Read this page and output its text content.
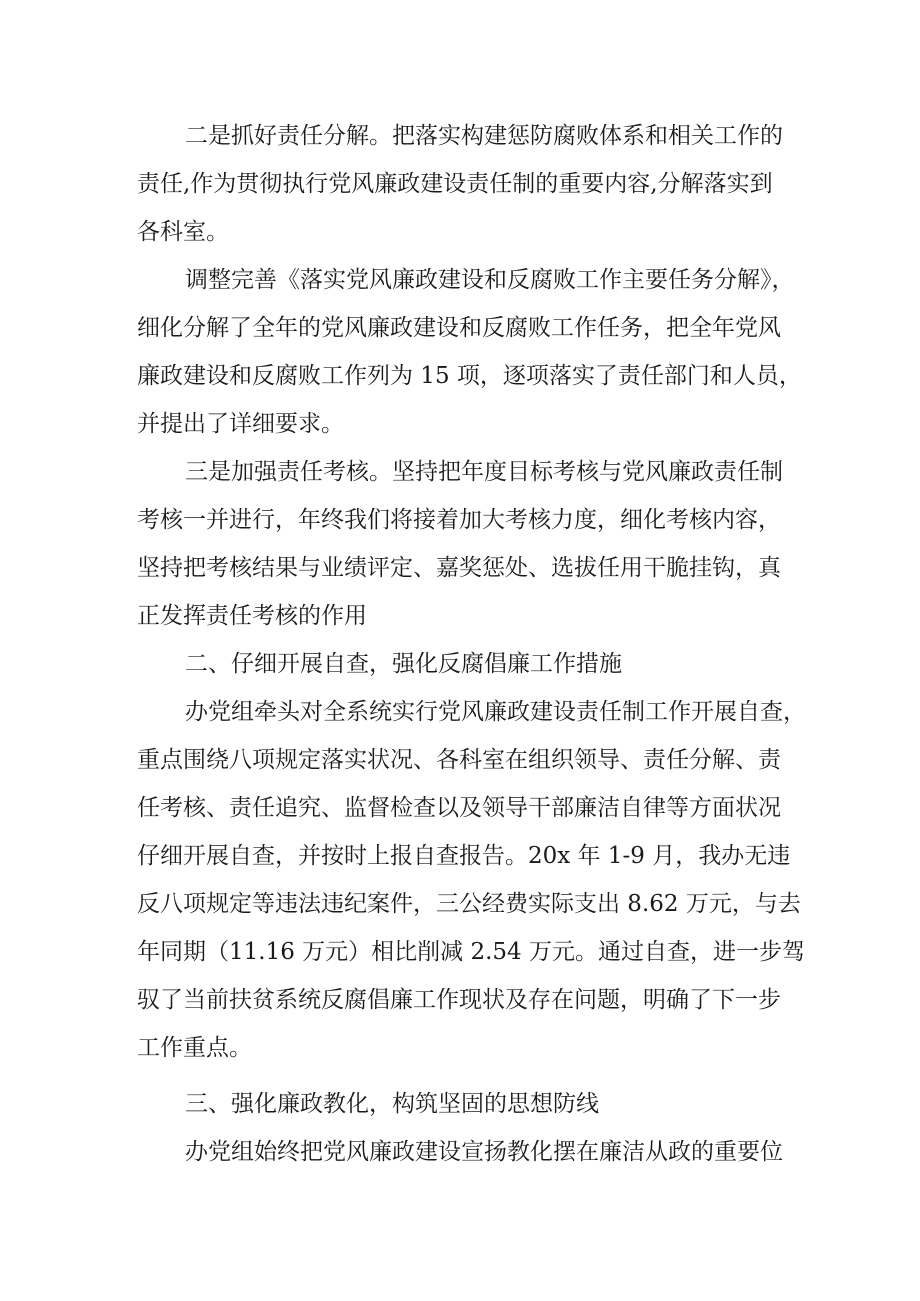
二是抓好责任分解。把落实构建惩防腐败体系和相关工作的
责任,作为贯彻执行党风廉政建设责任制的重要内容,分解落实到
各科室。
调整完善《落实党风廉政建设和反腐败工作主要任务分解》，
细化分解了全年的党风廉政建设和反腐败工作任务，把全年党风
廉政建设和反腐败工作列为 15 项，逐项落实了责任部门和人员，
并提出了详细要求。
三是加强责任考核。坚持把年度目标考核与党风廉政责任制
考核一并进行，年终我们将接着加大考核力度，细化考核内容，
坚持把考核结果与业绩评定、嘉奖惩处、选拔任用干脆挂钩，真
正发挥责任考核的作用
二、仔细开展自查，强化反腐倡廉工作措施
办党组牵头对全系统实行党风廉政建设责任制工作开展自查，
重点围绕八项规定落实状况、各科室在组织领导、责任分解、责
任考核、责任追究、监督检查以及领导干部廉洁自律等方面状况
仔细开展自查，并按时上报自查报告。20x 年 1-9 月，我办无违
反八项规定等违法违纪案件，三公经费实际支出 8.62 万元，与去
年同期（11.16 万元）相比削减 2.54 万元。通过自查，进一步驾
驭了当前扶贫系统反腐倡廉工作现状及存在问题，明确了下一步
工作重点。
三、强化廉政教化，构筑坚固的思想防线
办党组始终把党风廉政建设宣扬教化摆在廉洁从政的重要位
